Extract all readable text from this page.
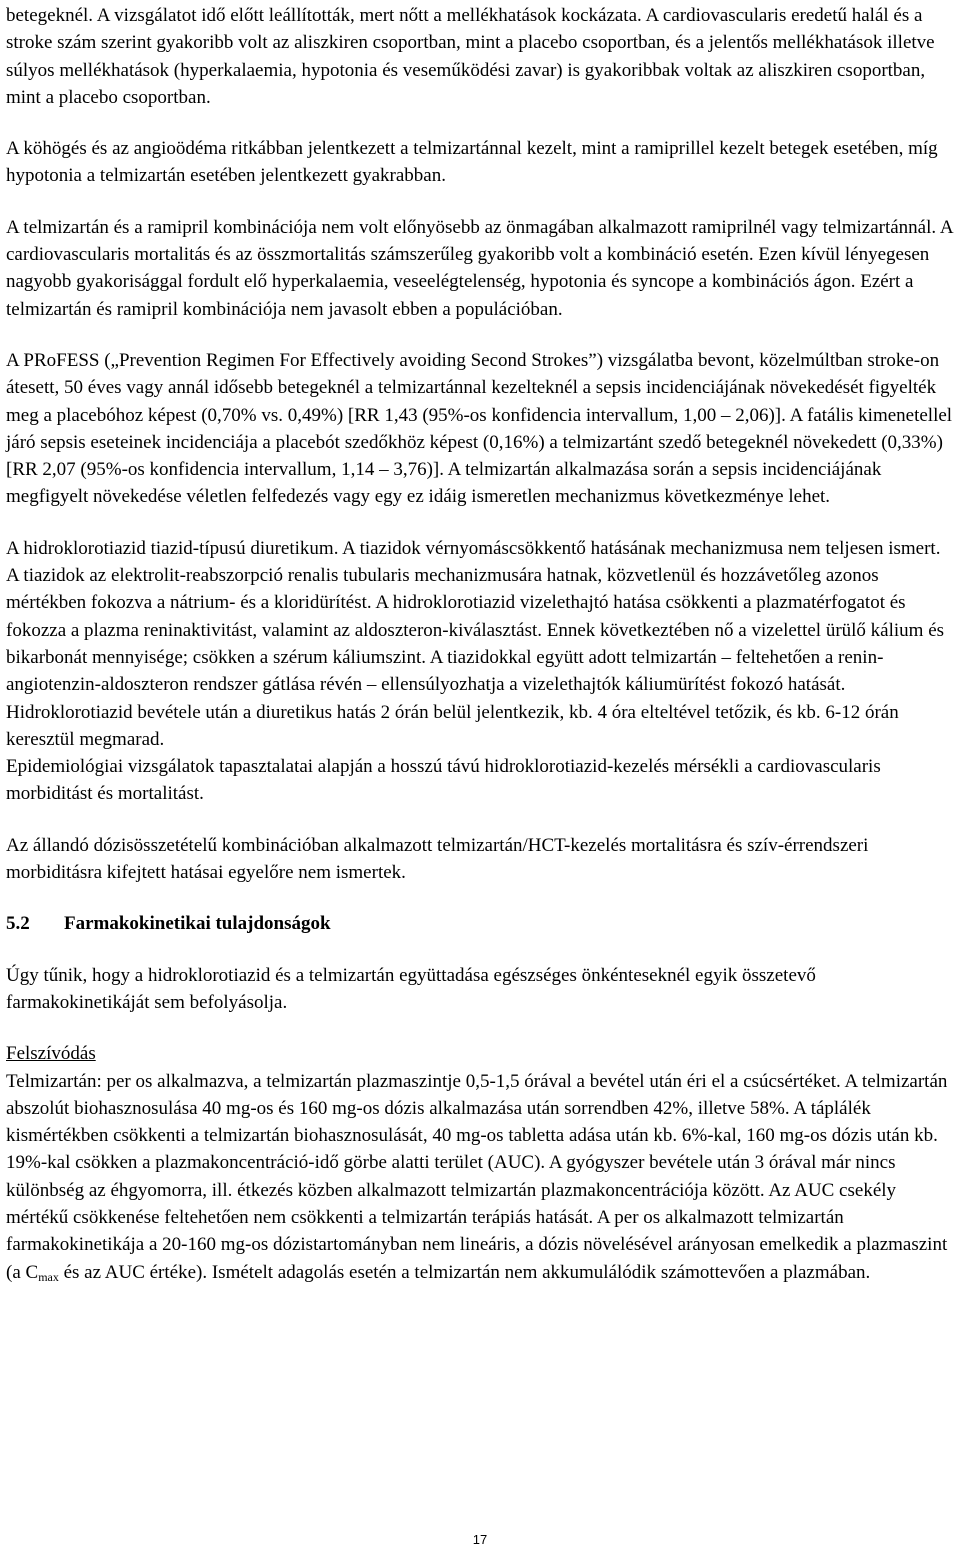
betegeknél. A vizsgálatot idő előtt leállították, mert nőtt a mellékhatások kockázata. A cardiovascularis eredetű halál és a stroke szám szerint gyakoribb volt az aliszkiren csoportban, mint a placebo csoportban, és a jelentős mellékhatások illetve súlyos mellékhatások (hyperkalaemia, hypotonia és veseműködési zavar) is gyakoribbak voltak az aliszkiren csoportban, mint a placebo csoportban.

A köhögés és az angioödéma ritkábban jelentkezett a telmizartánnal kezelt, mint a ramiprillel kezelt betegek esetében, míg hypotonia a telmizartán esetében jelentkezett gyakrabban.

A telmizartán és a ramipril kombinációja nem volt előnyösebb az önmagában alkalmazott ramiprilnél vagy telmizartánnál. A cardiovascularis mortalitás és az összmortalitás számszerűleg gyakoribb volt a kombináció esetén. Ezen kívül lényegesen nagyobb gyakorisággal fordult elő hyperkalaemia, veseelégtelenség, hypotonia és syncope a kombinációs ágon. Ezért a telmizartán és ramipril kombinációja nem javasolt ebben a populációban.

A PRoFESS („Prevention Regimen For Effectively avoiding Second Strokes”) vizsgálatba bevont, közelmúltban stroke-on átesett, 50 éves vagy annál idősebb betegeknél a telmizartánnal kezelteknél a sepsis incidenciájának növekedését figyelték meg a placebóhoz képest (0,70% vs. 0,49%) [RR 1,43 (95%-os konfidencia intervallum, 1,00 – 2,06)]. A fatális kimenetellel járó sepsis eseteinek incidenciája a placebót szedőkhöz képest (0,16%) a telmizartánt szedő betegeknél növekedett (0,33%) [RR 2,07 (95%-os konfidencia intervallum, 1,14 – 3,76)]. A telmizartán alkalmazása során a sepsis incidenciájának megfigyelt növekedése véletlen felfedezés vagy egy ez idáig ismeretlen mechanizmus következménye lehet.

A hidroklorotiazid tiazid-típusú diuretikum. A tiazidok vérnyomáscsökkentő hatásának mechanizmusa nem teljesen ismert. A tiazidok az elektrolit-reabszorpció renalis tubularis mechanizmusára hatnak, közvetlenül és hozzávetőleg azonos mértékben fokozva a nátrium- és a kloridürítést. A hidroklorotiazid vizelethajtó hatása csökkenti a plazmatérfogatot és fokozza a plazma reninaktivitást, valamint az aldoszteron-kiválasztást. Ennek következtében nő a vizelettel ürülő kálium és bikarbonát mennyisége; csökken a szérum káliumszint. A tiazidokkal együtt adott telmizartán – feltehetően a renin-angiotenzin-aldoszteron rendszer gátlása révén – ellensúlyozhatja a vizelethajtók káliumürítést fokozó hatását. Hidroklorotiazid bevétele után a diuretikus hatás 2 órán belül jelentkezik, kb. 4 óra elteltével tetőzik, és kb. 6-12 órán keresztül megmarad.

Epidemiológiai vizsgálatok tapasztalatai alapján a hosszú távú hidroklorotiazid-kezelés mérsékli a cardiovascularis morbiditást és mortalitást.

Az állandó dózisösszetételű kombinációban alkalmazott telmizartán/HCT-kezelés mortalitásra és szív-érrendszeri morbiditásra kifejtett hatásai egyelőre nem ismertek.

5.2	Farmakokinetikai tulajdonságok

Úgy tűnik, hogy a hidroklorotiazid és a telmizartán együttadása egészséges önkénteseknél egyik összetevő farmakokinetikáját sem befolyásolja.

Felszívódás

Telmizartán: per os alkalmazva, a telmizartán plazmaszintje 0,5-1,5 órával a bevétel után éri el a csúcsértéket. A telmizartán abszolút biohasznosulása 40 mg-os és 160 mg-os dózis alkalmazása után sorrendben 42%, illetve 58%. A táplálék kismértékben csökkenti a telmizartán biohasznosulását, 40 mg-os tabletta adása után kb. 6%-kal, 160 mg-os dózis után kb. 19%-kal csökken a plazmakoncentráció-idő görbe alatti terület (AUC). A gyógyszer bevétele után 3 órával már nincs különbség az éhgyomorra, ill. étkezés közben alkalmazott telmizartán plazmakoncentrációja között. Az AUC csekély mértékű csökkenése feltehetően nem csökkenti a telmizartán terápiás hatását. A per os alkalmazott telmizartán farmakokinetikája a 20-160 mg-os dózistartományban nem lineáris, a dózis növelésével arányosan emelkedik a plazmaszint (a $C_{max}$ és az AUC értéke). Ismételt adagolás esetén a telmizartán nem akkumulálódik számottevően a plazmában.

17
